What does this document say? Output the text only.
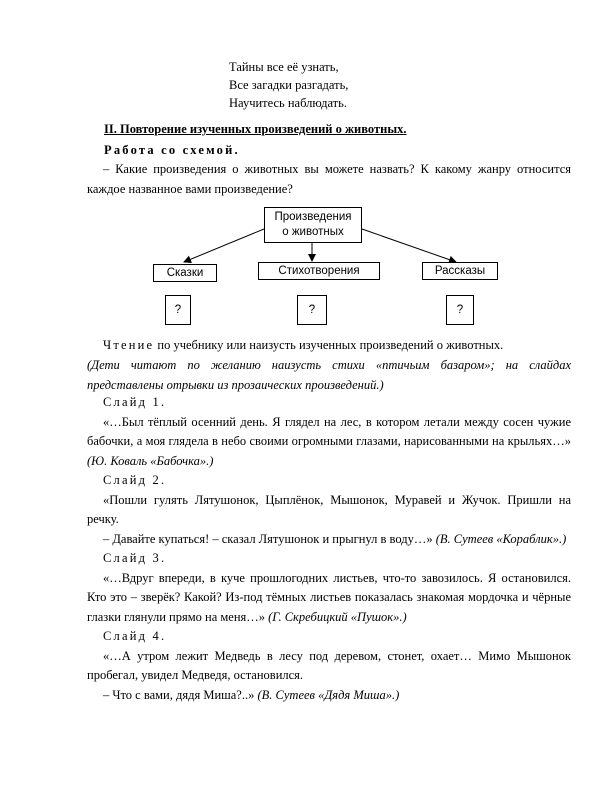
Тайны все её узнать,
Все загадки разгадать,
Научитесь наблюдать.
II. Повторение изученных произведений о животных.
Работа со схемой.
– Какие произведения о животных вы можете назвать? К какому жанру относится каждое названное вами произведение?
Произведения
о животных
Сказки	Стихотворения	Рассказы
?	?	?
Чтение по учебнику или наизусть изученных произведений о животных.
(Дети читают по желанию наизусть стихи «птичьим базаром»; на слайдах представлены отрывки из прозаических произведений.)
Слайд 1.
«…Был тёплый осенний день. Я глядел на лес, в котором летали между сосен чужие бабочки, а моя глядела в небо своими огромными глазами, нарисованными на крыльях…» (Ю. Коваль «Бабочка».)
Слайд 2.
«Пошли гулять Лятушонок, Цыплёнок, Мышонок, Муравей и Жучок. Пришли на речку.
– Давайте купаться! – сказал Лятушонок и прыгнул в воду…» (В. Сутеев «Кораблик».)
Слайд 3.
«…Вдруг впереди, в куче прошлогодних листьев, что-то завозилось. Я остановился. Кто это – зверёк? Какой? Из-под тёмных листьев показалась знакомая мордочка и чёрные глазки глянули прямо на меня…» (Г. Скребицкий «Пушок».)
Слайд 4.
«…А утром лежит Медведь в лесу под деревом, стонет, охает… Мимо Мышонок пробегал, увидел Медведя, остановился.
– Что с вами, дядя Миша?..» (В. Сутеев «Дядя Миша».)
